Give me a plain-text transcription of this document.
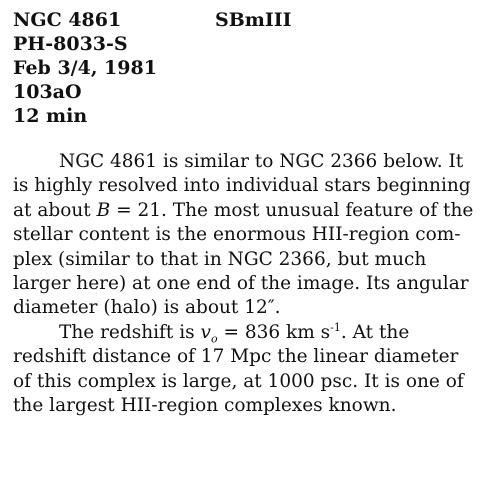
NGC 4861
PH-8033-S
Feb 3/4, 1981
103aO
12 min
SBmIII

NGC 4861 is similar to NGC 2366 below. It
is highly resolved into individual stars beginning
at about B = 21. The most unusual feature of the
stellar content is the enormous HII-region com-
plex (similar to that in NGC 2366, but much
larger here) at one end of the image. Its angular
diameter (halo) is about 12″.

The redshift is $v_o = 836$ km $s^{-1}$. At the
redshift distance of 17 Mpc the linear diameter
of this complex is large, at 1000 psc. It is one of
the largest HII-region complexes known.
